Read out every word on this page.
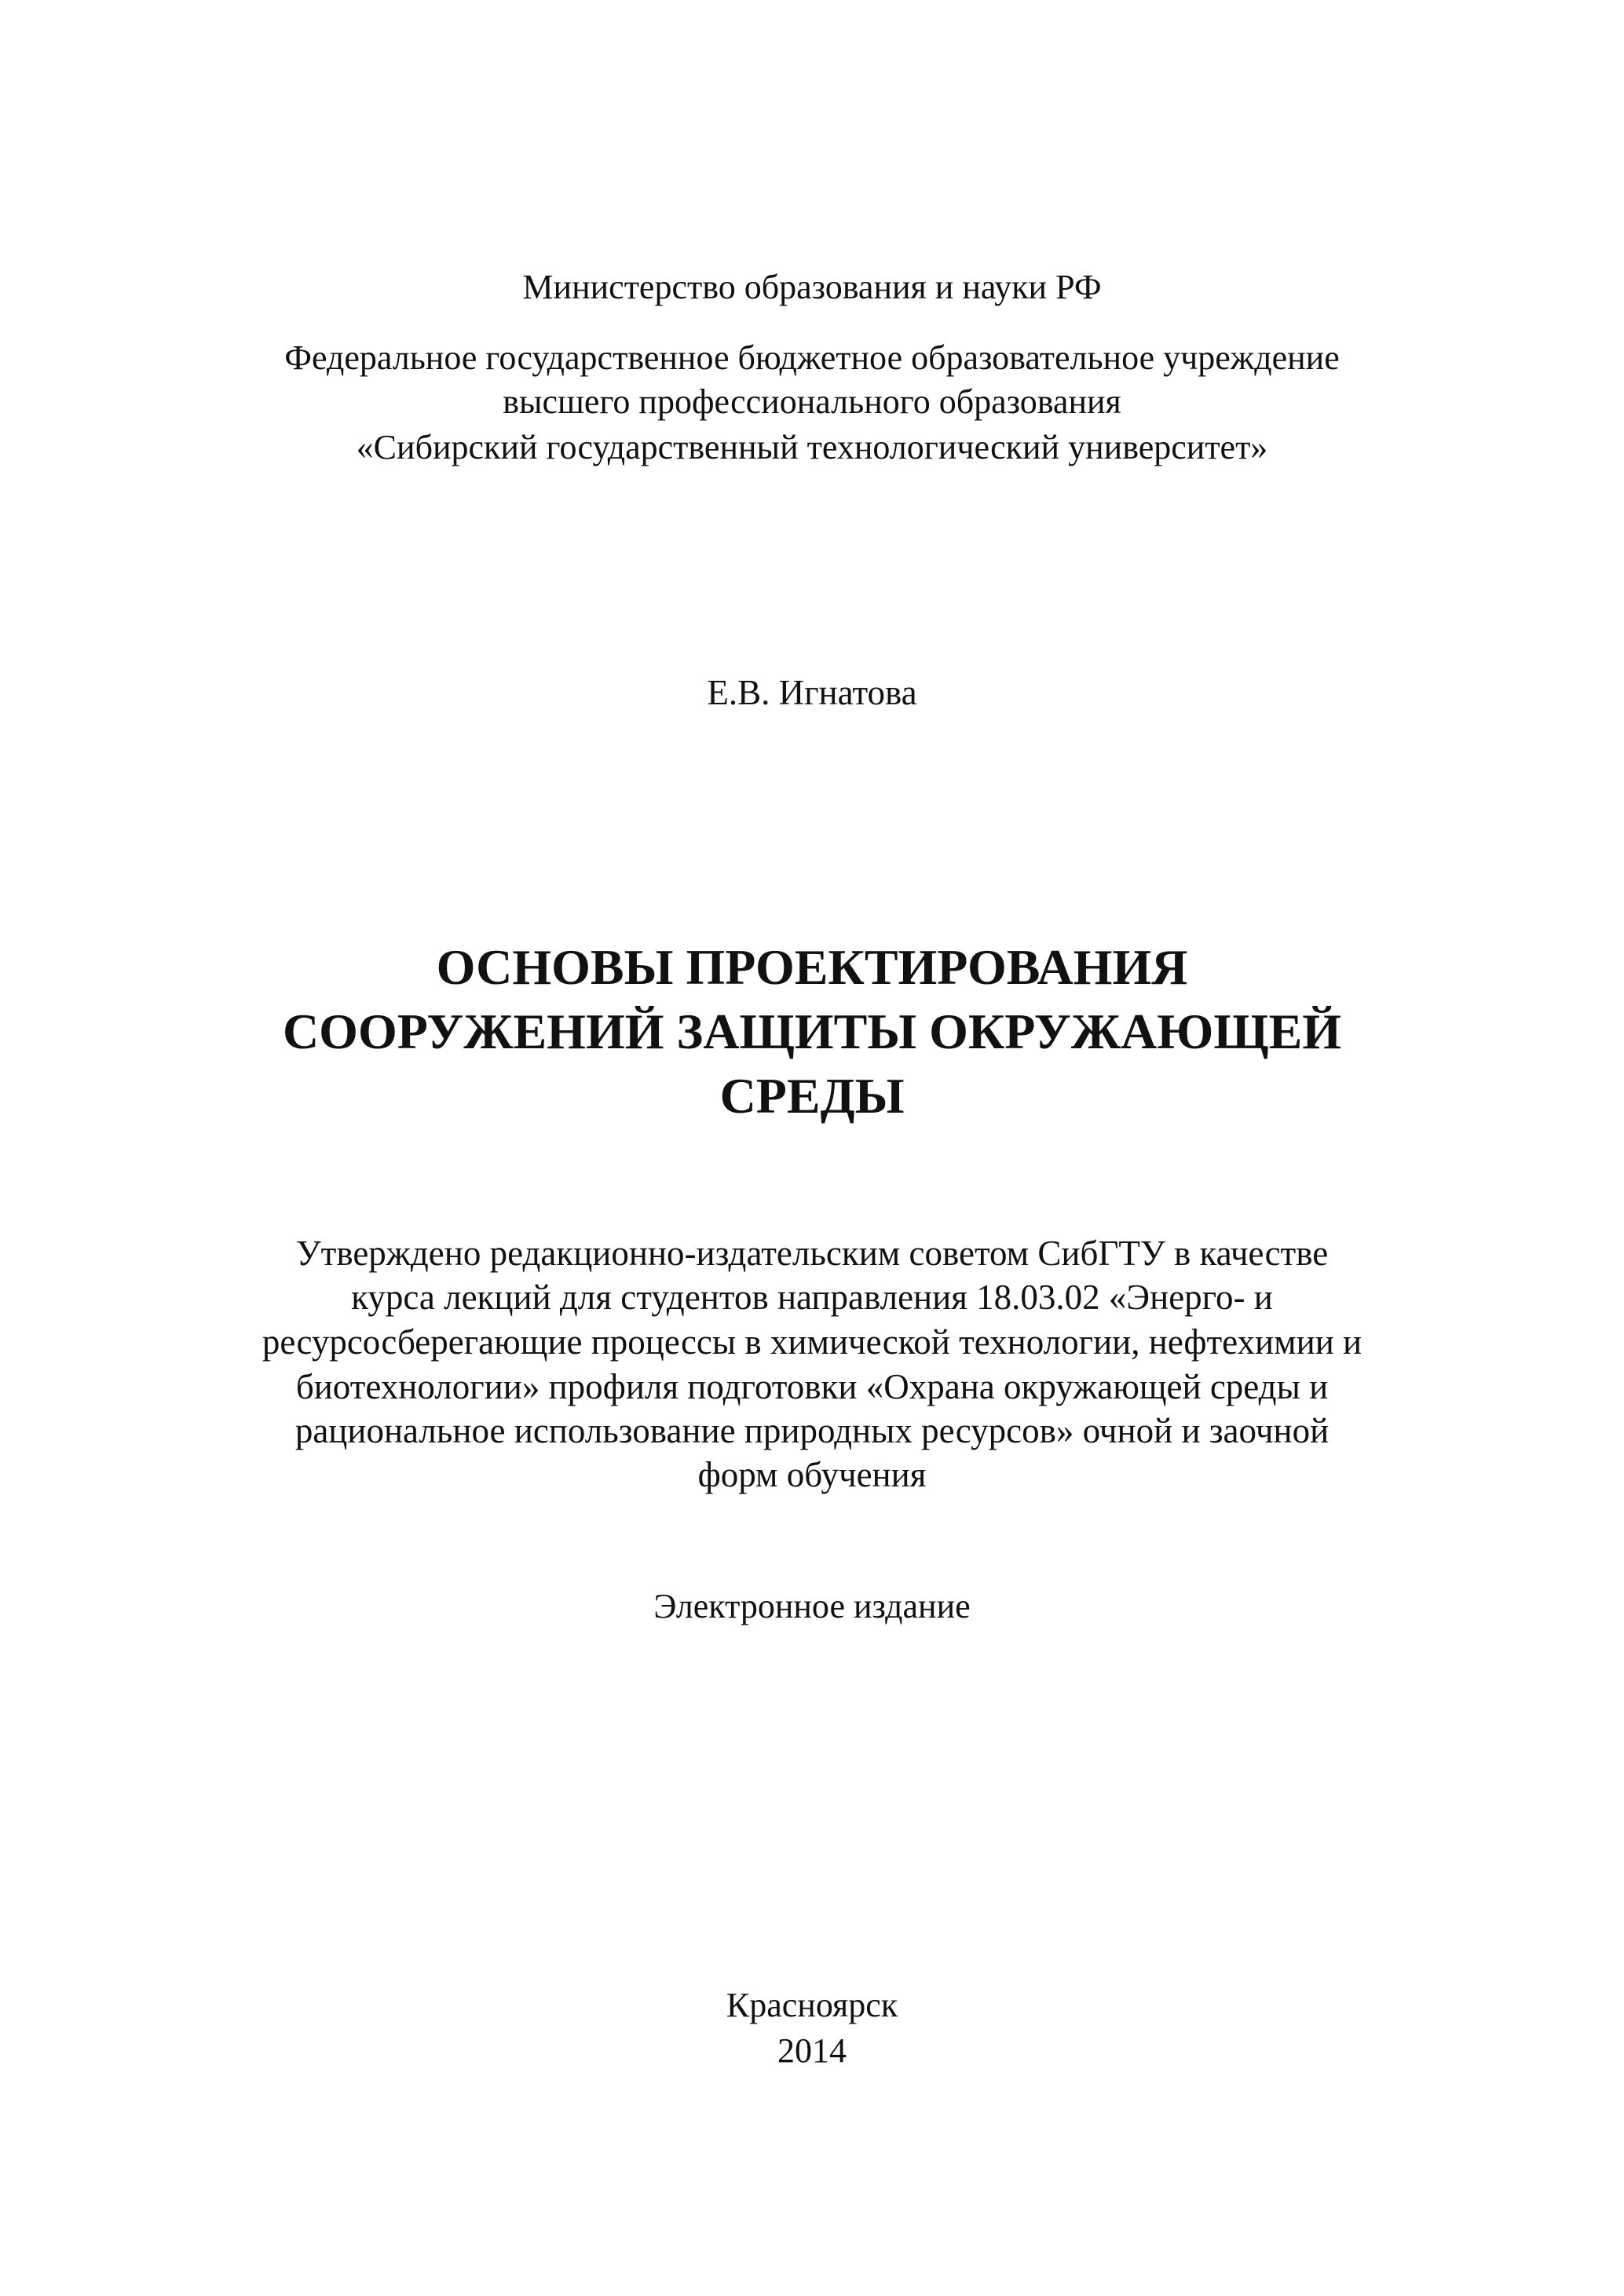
Министерство образования и науки РФ
Федеральное государственное бюджетное образовательное учреждение
высшего профессионального образования
«Сибирский государственный технологический университет»
Е.В. Игнатова
ОСНОВЫ ПРОЕКТИРОВАНИЯ
СООРУЖЕНИЙ ЗАЩИТЫ ОКРУЖАЮЩЕЙ
СРЕДЫ
Утверждено редакционно-издательским советом СибГТУ в качестве
курса лекций для студентов направления 18.03.02 «Энерго- и
ресурсосберегающие процессы в химической технологии, нефтехимии и
биотехнологии» профиля подготовки «Охрана окружающей среды и
рациональное использование природных ресурсов» очной и заочной
форм обучения
Электронное издание
Красноярск
2014
